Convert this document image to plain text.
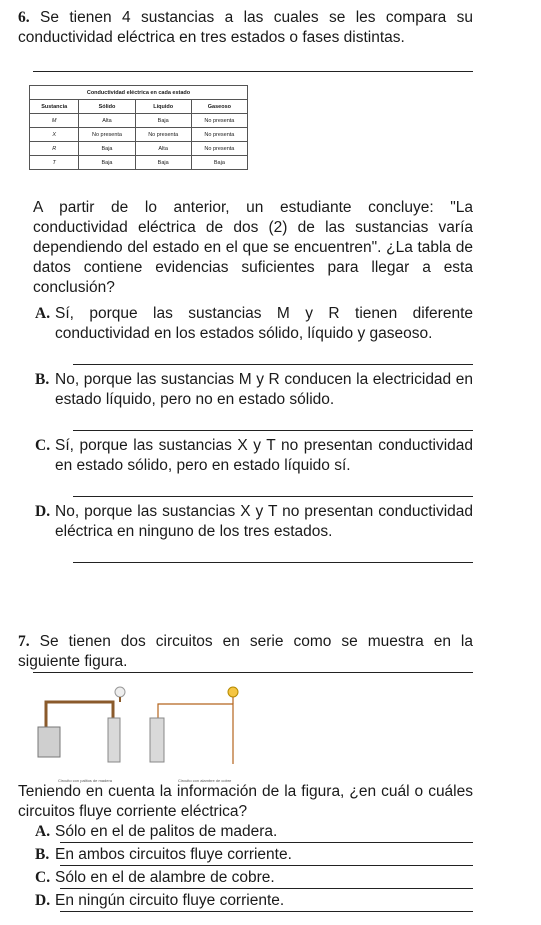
6. Se tienen 4 sustancias a las cuales se les compara su conductividad eléctrica en tres estados o fases distintas.
Conductividad eléctrica en cada estado			
Sustancia	Sólido	Líquido	Gaseoso
M	Alta	Baja	No presenta
X	No presenta	No presenta	No presenta
R	Baja	Alta	No presenta
T	Baja	Baja	Baja
A partir de lo anterior, un estudiante concluye: "La conductividad eléctrica de dos (2) de las sustancias varía dependiendo del estado en el que se encuentren". ¿La tabla de datos contiene evidencias suficientes para llegar a esta conclusión?
A. Sí, porque las sustancias M y R tienen diferente conductividad en los estados sólido, líquido y gaseoso.
B. No, porque las sustancias M y R conducen la electricidad en estado líquido, pero no en estado sólido.
C. Sí, porque las sustancias X y T no presentan conductividad en estado sólido, pero en estado líquido sí.
D. No, porque las sustancias X y T no presentan conductividad eléctrica en ninguno de los tres estados.
7. Se tienen dos circuitos en serie como se muestra en la siguiente figura.
Circuito con palitos de madera	Circuito con alambre de cobre
Teniendo en cuenta la información de la figura, ¿en cuál o cuáles circuitos fluye corriente eléctrica?
A. Sólo en el de palitos de madera.
B. En ambos circuitos fluye corriente.
C. Sólo en el de alambre de cobre.
D. En ningún circuito fluye corriente.
